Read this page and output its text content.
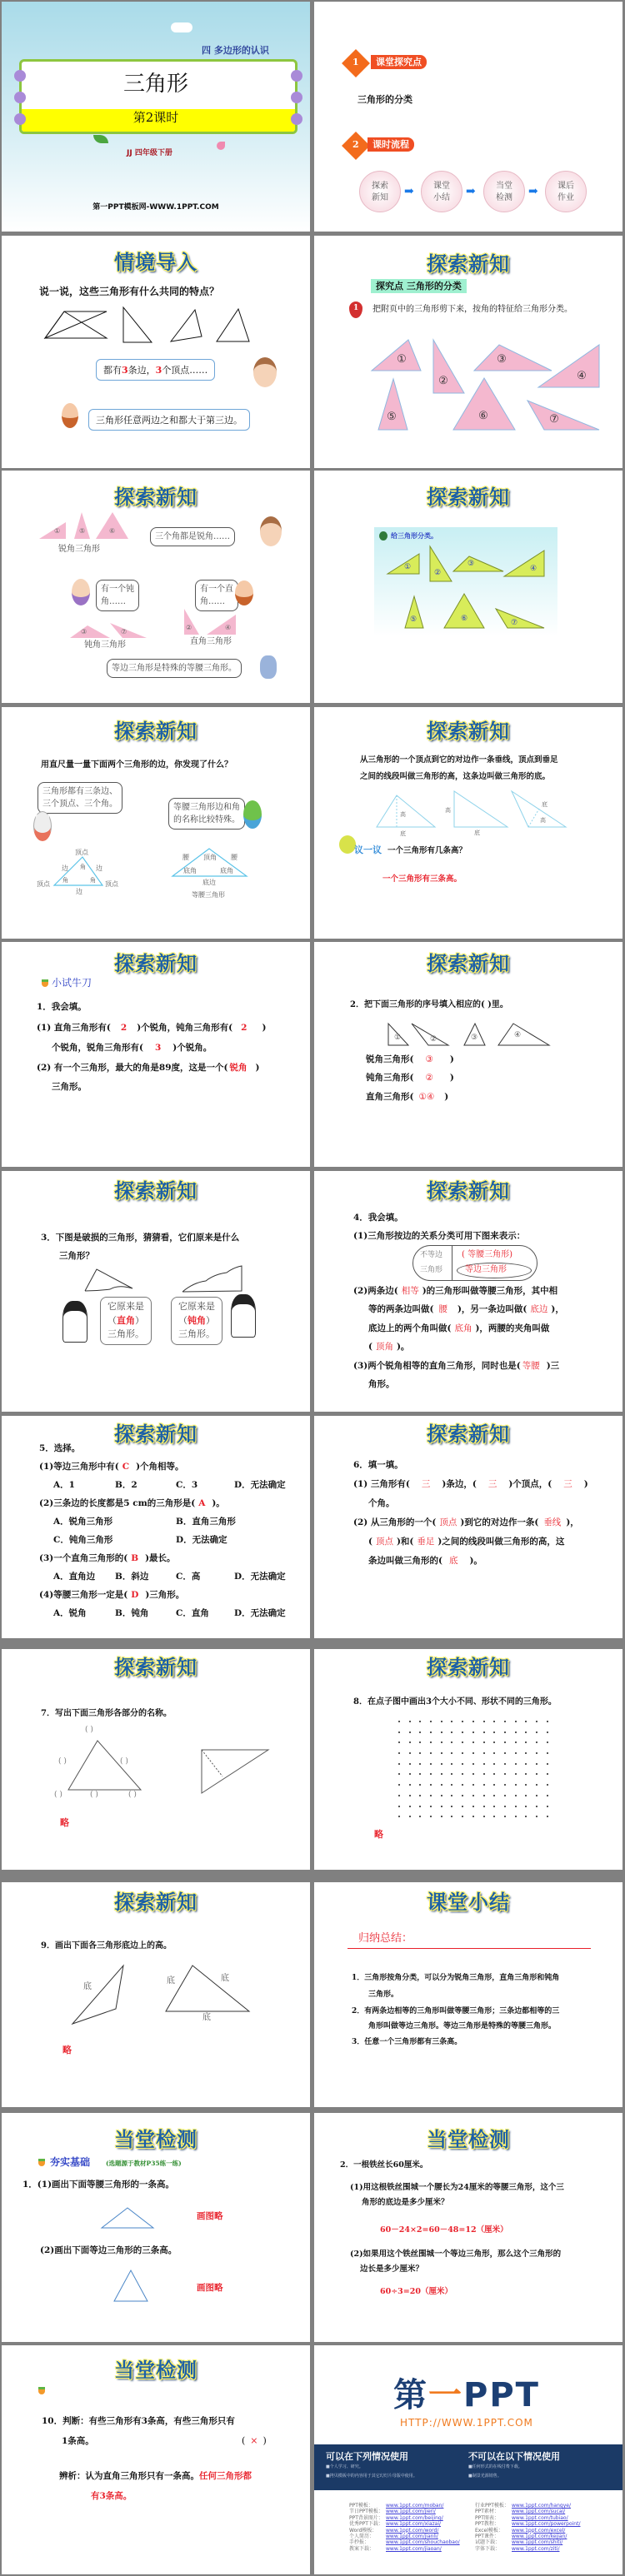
四 多边形的认识
三角形
第2课时
JJ 四年级下册
第一PPT模板网-WWW.1PPT.COM
1	课堂探究点
三角形的分类
2	课时流程
探索
新知	➡	课堂
小结	➡	当堂
检测	➡	课后
作业
情境导入
说一说，这些三角形有什么共同的特点？
都有3条边，3个顶点……
三角形任意两边之和都大于第三边。
探索新知
探究点 三角形的分类
1 把附页中的三角形剪下来，按角的特征给三角形分类。
①
②
③
④
⑤	⑥	⑦
探索新知
①	⑤	⑥
锐角三角形
三个角都是锐角……
有一个钝
角……
有一个直
角……
③	⑦
②	④
钝角三角形	直角三角形
等边三角形是特殊的等腰三角形。
探索新知
给三角形分类。
①
②
③
④
⑤	⑥	⑦
探索新知
用直尺量一量下面两个三角形的边，你发现了什么？
三角形都有三条边、
三个顶点、三个角。	等腰三角形边和角
的名称比较特殊。
顶点
边	边
角
角	角
顶点	顶点
边
腰	腰
顶角
底角	底角
底边
等腰三角形
探索新知
从三角形的一个顶点到它的对边作一条垂线，顶点到垂足
之间的线段叫做三角形的高，这条边叫做三角形的底。
高
底
高
底
底
高
议一议 一个三角形有几条高？
一个三角形有三条高。
探索新知
小试牛刀
1．我会填。
(1) 直角三角形有( 2 )个锐角，钝角三角形有( 2 )
个锐角，锐角三角形有( 3 )个锐角。
(2) 有一个三角形，最大的角是89度，这是一个( 锐角 )
三角形。
探索新知
2．把下面三角形的序号填入相应的( )里。
①	②	③	④
锐角三角形( ③ )
钝角三角形( ② )
直角三角形( ①④ )
探索新知
3．下图是破损的三角形，猜猜看，它们原来是什么
三角形？
它原来是
（直角）
三角形。
它原来是
（钝角）
三角形。
探索新知
4．我会填。
(1)三角形按边的关系分类可用下图来表示：
不等边
三角形
( 等腰三角形)
等边三角形
(2)两条边( 相等 )的三角形叫做等腰三角形，其中相
等的两条边叫做( 腰 )，另一条边叫做( 底边 )，
底边上的两个角叫做( 底角 )，两腰的夹角叫做
( 顶角 )。
(3)两个锐角相等的直角三角形，同时也是( 等腰 )三
角形。
探索新知
5．选择。
(1)等边三角形中有( C )个角相等。
A．1	B．2	C．3	D．无法确定
(2)三条边的长度都是5 cm的三角形是( A )。
A．锐角三角形	B．直角三角形
C．钝角三角形	D．无法确定
(3)一个直角三角形的( B )最长。
A．直角边 B．斜边	C．高	D．无法确定
(4)等腰三角形一定是( D )三角形。
A．锐角	B．钝角	C．直角	D．无法确定
探索新知
6．填一填。
(1) 三角形有( 三 )条边，( 三 )个顶点，( 三 )
个角。
(2) 从三角形的一个( 顶点 )到它的对边作一条( 垂线 )，
( 顶点 )和( 垂足 )之间的线段叫做三角形的高，这
条边叫做三角形的( 底 )。
探索新知
7．写出下面三角形各部分的名称。
( )
( )	( )
( )	( )	( )
略
探索新知
8．在点子图中画出3个大小不同、形状不同的三角形。
略
探索新知
9．画出下面各三角形底边上的高。
底
底	底
底
略
课堂小结
归纳总结：
1．三角形按角分类，可以分为锐角三角形，直角三角形和钝角
三角形。
2．有两条边相等的三角形叫做等腰三角形；三条边都相等的三
角形叫做等边三角形。等边三角形是特殊的等腰三角形。
3．任意一个三角形都有三条高。
当堂检测
夯实基础	(选题源于教材P35练一练)
1．(1)画出下面等腰三角形的一条高。
画图略
(2)画出下面等边三角形的三条高。
画图略
当堂检测
2．一根铁丝长60厘米。
(1)用这根铁丝围城一个腰长为24厘米的等腰三角形，这个三
角形的底边是多少厘米？
60－24×2=60－48=12（厘米）
(2)如果用这个铁丝围城一个等边三角形，那么这个三角形的
边长是多少厘米？
60÷3=20（厘米）
当堂检测
10．判断：有些三角形有3条高，有些三角形只有
1条高。	( × )
辨析：认为直角三角形只有一条高。任何三角形都
有3条高。
第一PPT
HTTP://WWW.1PPT.COM
可以在下列情况使用
■个人学习、研究。
■拷贝模板中的内容用于其它幻灯片母版中使用。
不可以在以下情况使用
■任何形式的在线付费下载。
■制景光源销售。
PPT模板：	www.1ppt.com/moban/
节日PPT模板： www.1ppt.com/jieri/
PPT背景图片： www.1ppt.com/beijing/
优秀PPT下载： www.1ppt.com/xiazai/
Word模板： www.1ppt.com/word/
个人简历： www.1ppt.com/jianli/
手抄报：	www.1ppt.com/shouchaobao/
教案下载： www.1ppt.com/jiaoan/
行业PPT模板： www.1ppt.com/hangye/
PPT素材：	www.1ppt.com/sucai/
PPT图表：	www.1ppt.com/tubiao/
PPT教程：	www.1ppt.com/powerpoint/
Excel模板： www.1ppt.com/excel/
PPT课件：	www.1ppt.com/kejian/
试题下载： www.1ppt.com/shiti/
字体下载： www.1ppt.com/ziti/
